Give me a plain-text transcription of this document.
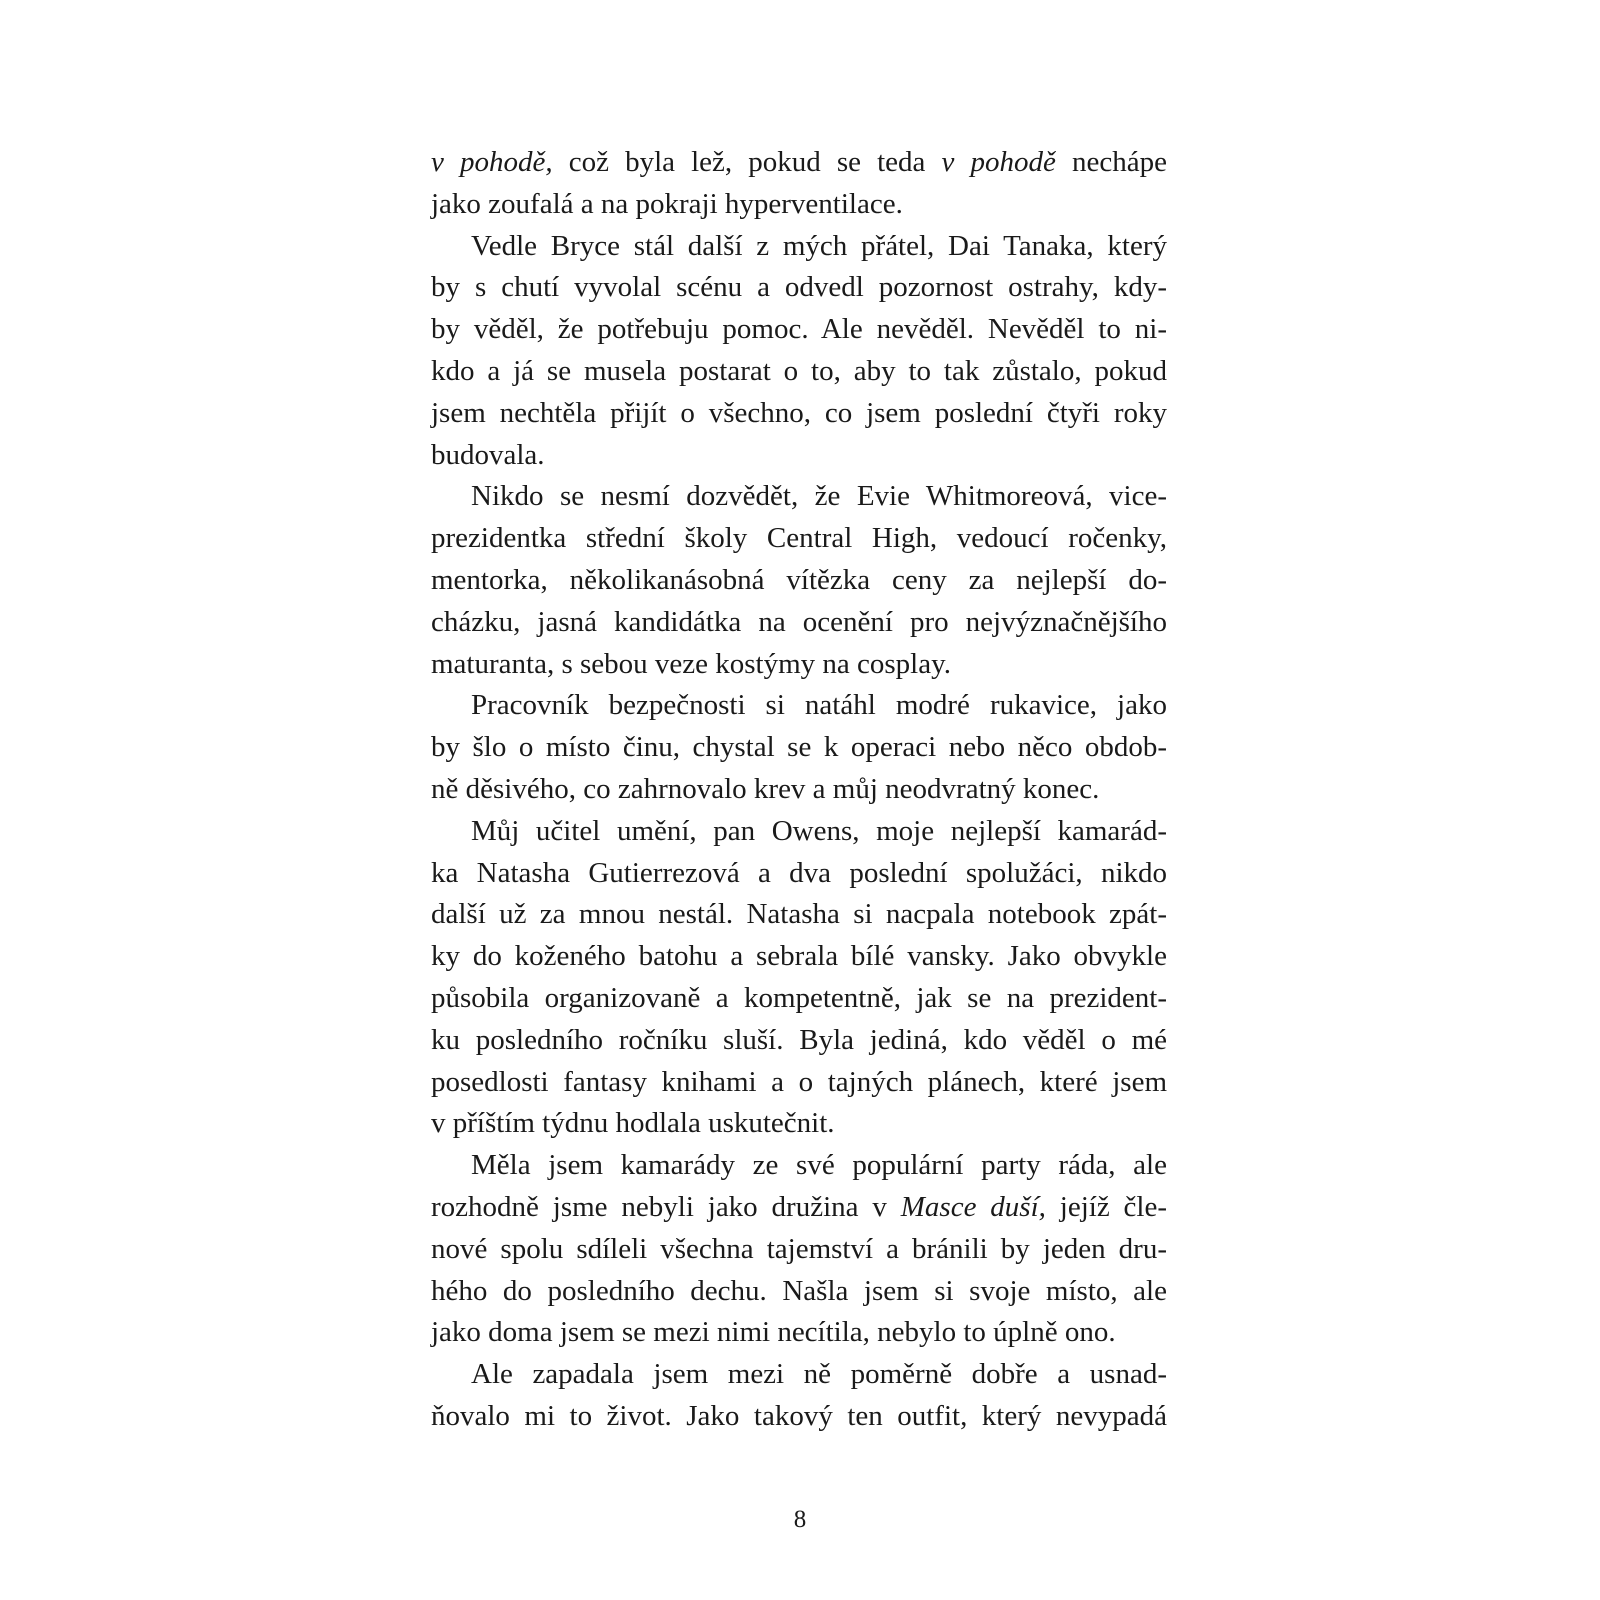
v pohodě, což byla lež, pokud se teda v pohodě nechápe
jako zoufalá a na pokraji hyperventilace.
Vedle Bryce stál další z mých přátel, Dai Tanaka, který
by s chutí vyvolal scénu a odvedl pozornost ostrahy, kdy-
by věděl, že potřebuju pomoc. Ale nevěděl. Nevěděl to ni-
kdo a já se musela postarat o to, aby to tak zůstalo, pokud
jsem nechtěla přijít o všechno, co jsem poslední čtyři roky
budovala.
Nikdo se nesmí dozvědět, že Evie Whitmoreová, vice-
prezidentka střední školy Central High, vedoucí ročenky,
mentorka, několikanásobná vítězka ceny za nejlepší do-
cházku, jasná kandidátka na ocenění pro nejvýznačnějšího
maturanta, s sebou veze kostýmy na cosplay.
Pracovník bezpečnosti si natáhl modré rukavice, jako
by šlo o místo činu, chystal se k operaci nebo něco obdob-
ně děsivého, co zahrnovalo krev a můj neodvratný konec.
Můj učitel umění, pan Owens, moje nejlepší kamarád-
ka Natasha Gutierrezová a dva poslední spolužáci, nikdo
další už za mnou nestál. Natasha si nacpala notebook zpát-
ky do koženého batohu a sebrala bílé vansky. Jako obvykle
působila organizovaně a kompetentně, jak se na prezident-
ku posledního ročníku sluší. Byla jediná, kdo věděl o mé
posedlosti fantasy knihami a o tajných plánech, které jsem
v příštím týdnu hodlala uskutečnit.
Měla jsem kamarády ze své populární party ráda, ale
rozhodně jsme nebyli jako družina v Masce duší, jejíž čle-
nové spolu sdíleli všechna tajemství a bránili by jeden dru-
hého do posledního dechu. Našla jsem si svoje místo, ale
jako doma jsem se mezi nimi necítila, nebylo to úplně ono.
Ale zapadala jsem mezi ně poměrně dobře a usnad-
ňovalo mi to život. Jako takový ten outfit, který nevypadá
8
